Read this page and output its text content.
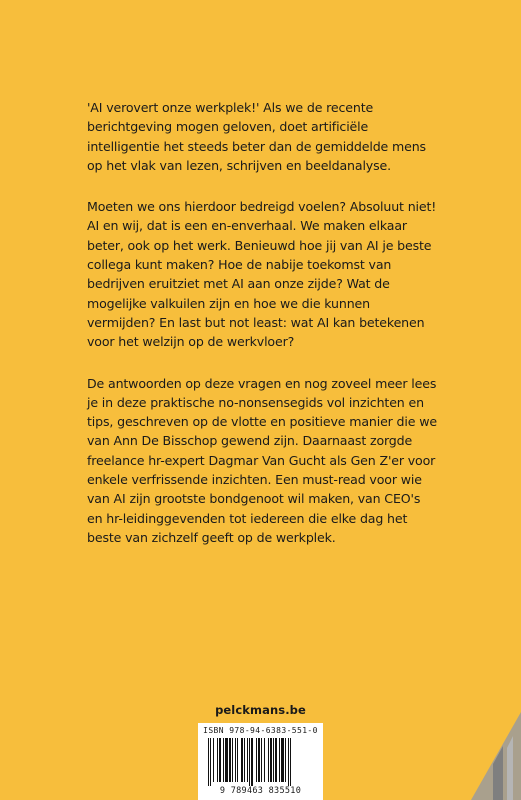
'AI verovert onze werkplek!' Als we de recente berichtgeving mogen geloven, doet artificiële intelligentie het steeds beter dan de gemiddelde mens op het vlak van lezen, schrijven en beeldanalyse.

Moeten we ons hierdoor bedreigd voelen? Absoluut niet! AI en wij, dat is een en-enverhaal. We maken elkaar beter, ook op het werk. Benieuwd hoe jij van AI je beste collega kunt maken? Hoe de nabije toekomst van bedrijven eruitziet met AI aan onze zijde? Wat de mogelijke valkuilen zijn en hoe we die kunnen vermijden? En last but not least: wat AI kan betekenen voor het welzijn op de werkvloer?

De antwoorden op deze vragen en nog zoveel meer lees je in deze praktische no-nonsensegids vol inzichten en tips, geschreven op de vlotte en positieve manier die we van Ann De Bisschop gewend zijn. Daarnaast zorgde freelance hr-expert Dagmar Van Gucht als Gen Z'er voor enkele verfrissende inzichten. Een must-read voor wie van AI zijn grootste bondgenoot wil maken, van CEO's en hr-leidinggevenden tot iedereen die elke dag het beste van zichzelf geeft op de werkplek.

pelckmans.be
ISBN 978-94-6383-551-0
9 789463 835510
